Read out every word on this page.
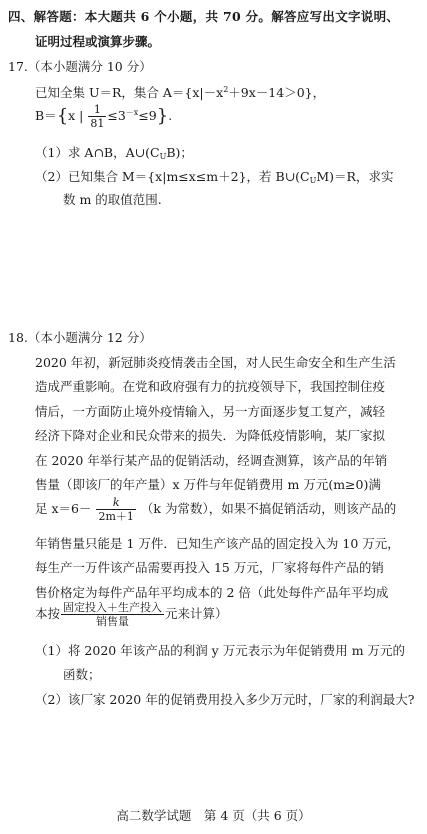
四、解答题：本大题共 6 个小题，共 70 分。解答应写出文字说明、
证明过程或演算步骤。
17.（本小题满分 10 分）
已知全集 U＝R，集合 $A=\{x|-x^2+9x-14>0\}$，
B＝{x | $\frac{1}{81} \le 3^{-x}\le 9$}.
（1）求 A∩B，$A\cup(C_UB)$；
（2）已知集合 M＝{x|m≤x≤m＋2}，若 $B\cup(C_UM)=R$，求实
数 m 的取值范围.
18.（本小题满分 12 分）
2020 年初，新冠肺炎疫情袭击全国，对人民生命安全和生产生活
造成严重影响。在党和政府强有力的抗疫领导下，我国控制住疫
情后，一方面防止境外疫情输入，另一方面逐步复工复产，减轻
经济下降对企业和民众带来的损失．为降低疫情影响，某厂家拟
在 2020 年举行某产品的促销活动，经调查测算，该产品的年销
售量（即该厂的年产量）x 万件与年促销费用 m 万元(m≥0)满
足 $x=6- \frac{k}{2m+1} (k$ 为常数），如果不搞促销活动，则该产品的
年销售量只能是 1 万件．已知生产该产品的固定投入为 10 万元，
每生产一万件该产品需要再投入 15 万元，厂家将每件产品的销
售价格定为每件产品年平均成本的 2 倍（此处每件产品年平均成
本按 $\frac{\text{固定投入＋生产投入}}{\text{销售量}}$ 元来计算）
（1）将 2020 年该产品的利润 y 万元表示为年促销费用 m 万元的
函数；
（2）该厂家 2020 年的促销费用投入多少万元时，厂家的利润最大?
高二数学试题　第 4 页（共 6 页）
